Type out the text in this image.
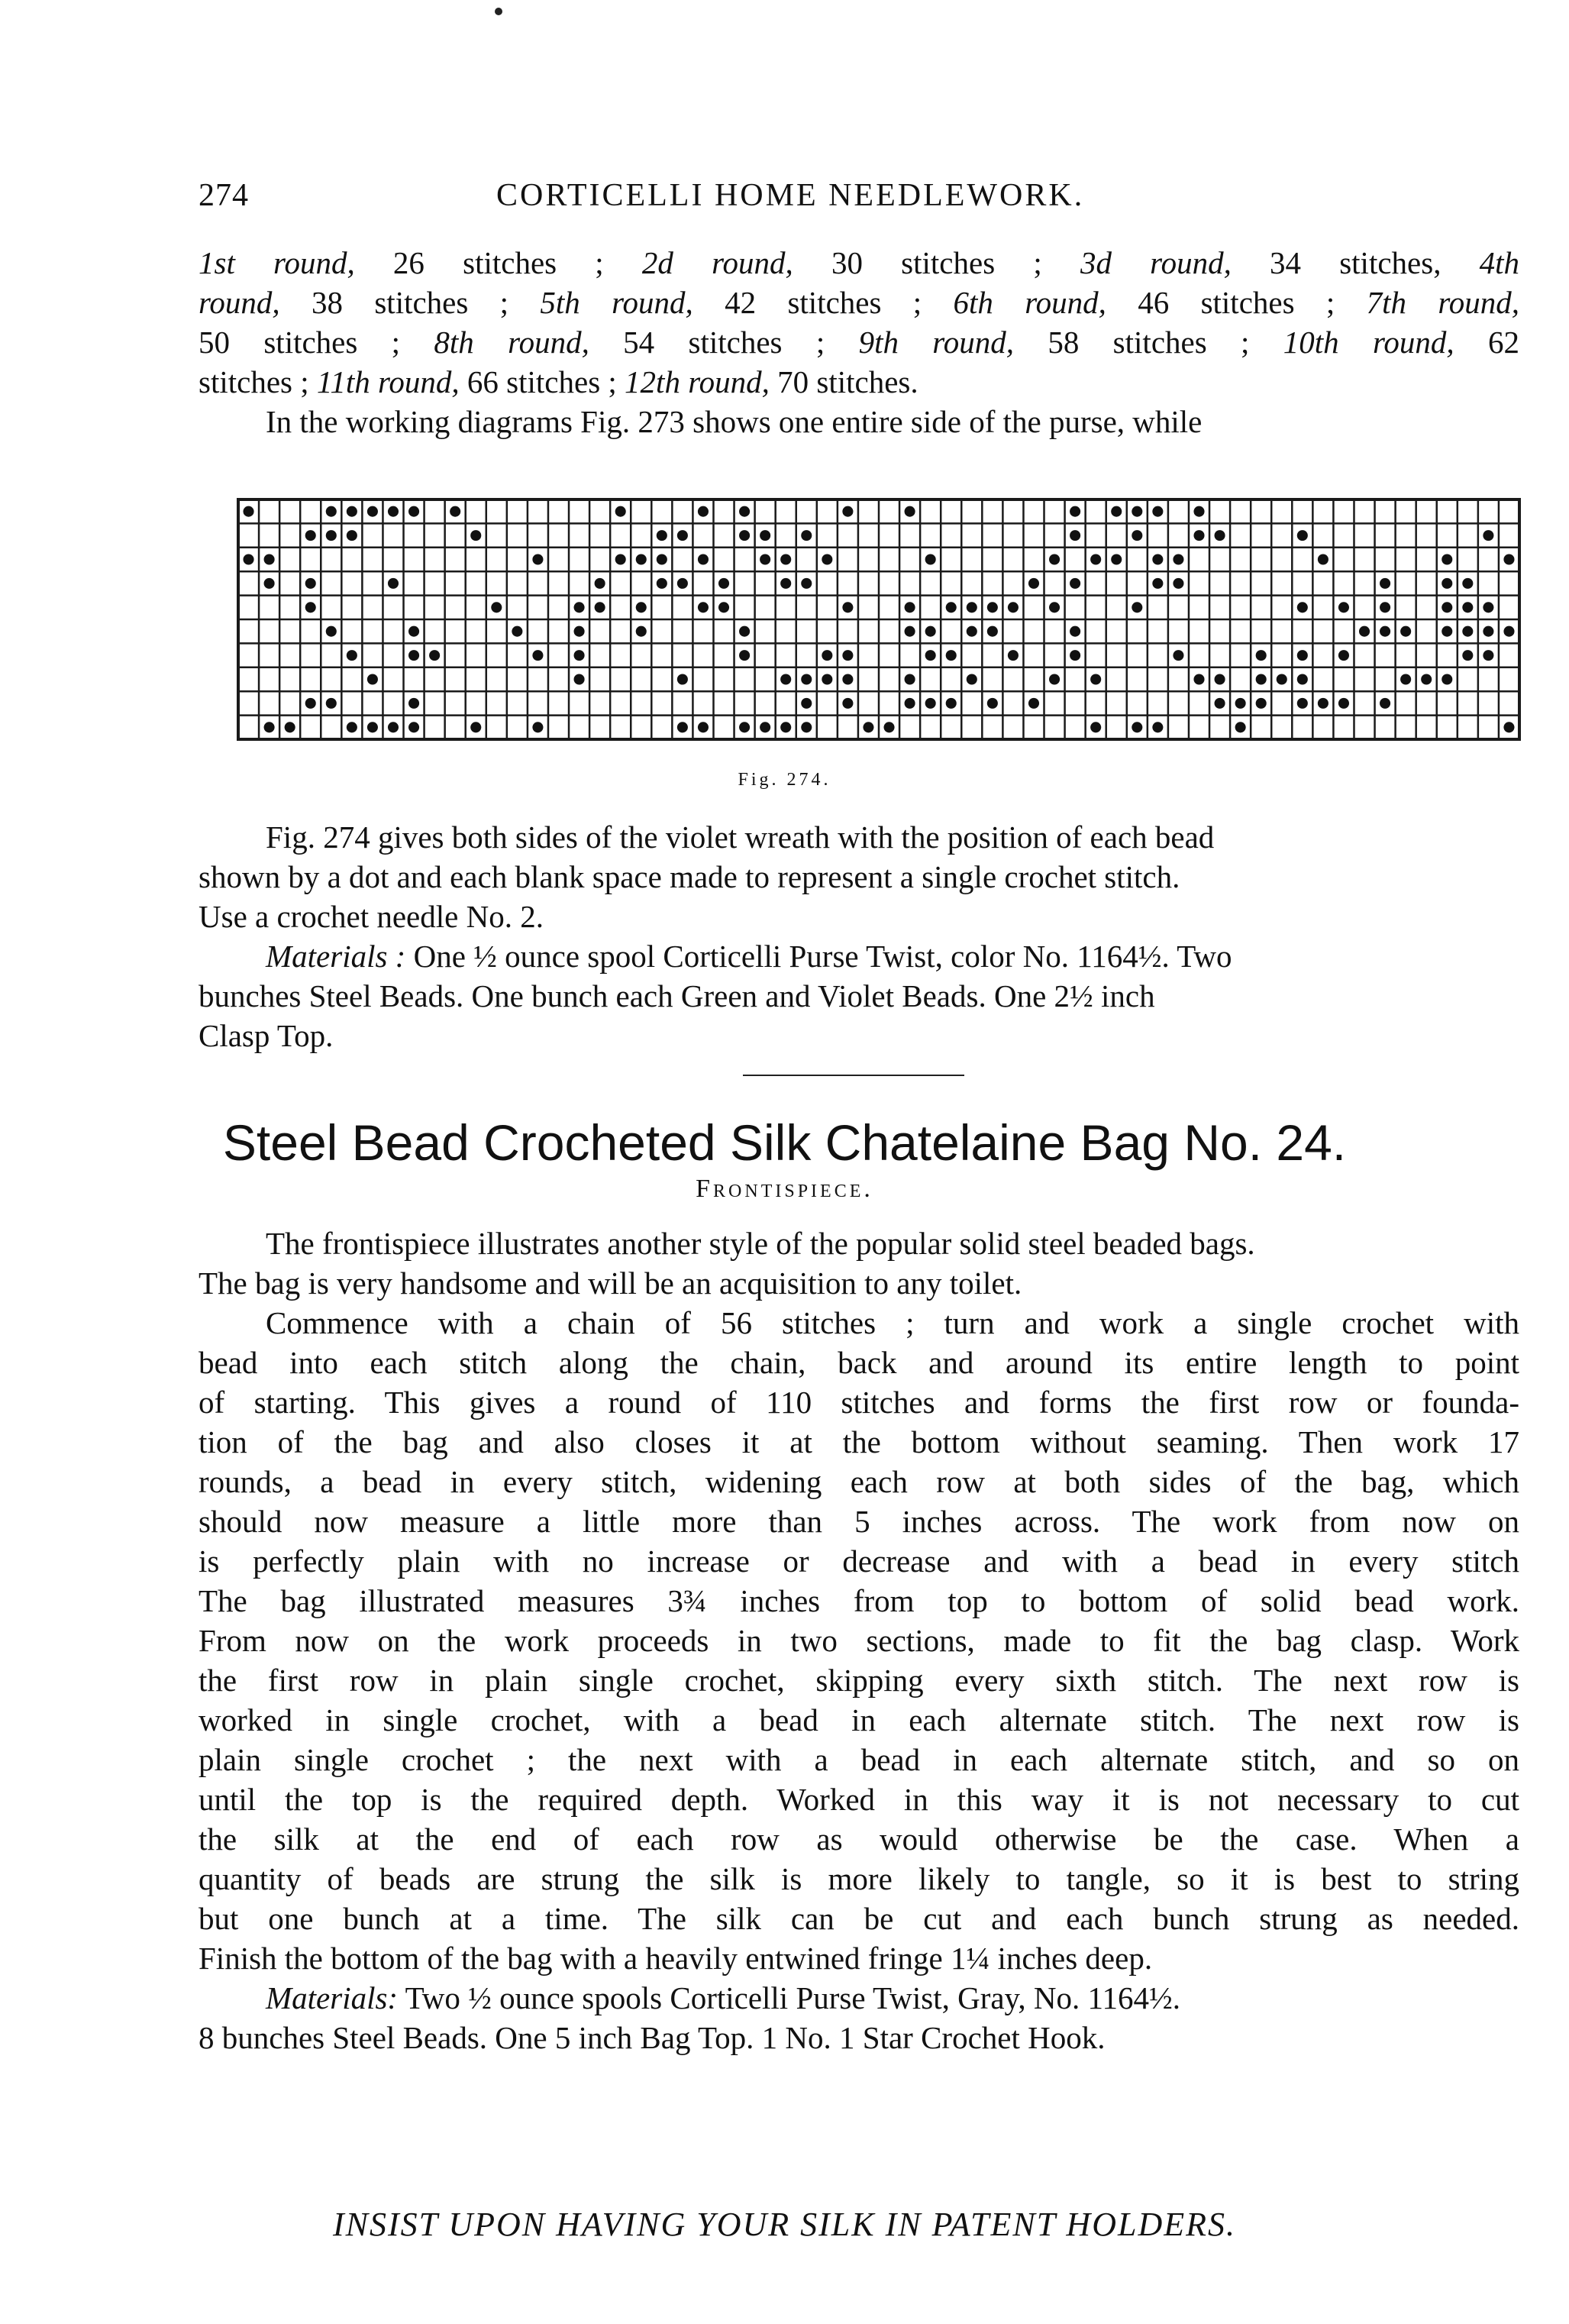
274	CORTICELLI HOME NEEDLEWORK.

1st round, 26 stitches ; 2d round, 30 stitches ; 3d round, 34 stitches, 4th
round, 38 stitches ; 5th round, 42 stitches ; 6th round, 46 stitches ; 7th round,
50 stitches ; 8th round, 54 stitches ; 9th round, 58 stitches ; 10th round, 62
stitches ; 11th round, 66 stitches ; 12th round, 70 stitches.

In the working diagrams Fig. 273 shows one entire side of the purse, while

Fig. 274.

Fig. 274 gives both sides of the violet wreath with the position of each bead

shown by a dot and each blank space made to represent a single crochet stitch.

Use a crochet needle No. 2.

Materials : One ½ ounce spool Corticelli Purse Twist, color No. 1164½. Two

bunches Steel Beads. One bunch each Green and Violet Beads. One 2½ inch

Clasp Top.

Steel Bead Crocheted Silk Chatelaine Bag No. 24.
Frontispiece.

The frontispiece illustrates another style of the popular solid steel beaded bags.

The bag is very handsome and will be an acquisition to any toilet.

Commence with a chain of 56 stitches ; turn and work a single crochet with

bead into each stitch along the chain, back and around its entire length to point

of starting. This gives a round of 110 stitches and forms the first row or founda-

tion of the bag and also closes it at the bottom without seaming. Then work 17

rounds, a bead in every stitch, widening each row at both sides of the bag, which

should now measure a little more than 5 inches across. The work from now on

is perfectly plain with no increase or decrease and with a bead in every stitch

The bag illustrated measures 3¾ inches from top to bottom of solid bead work.

From now on the work proceeds in two sections, made to fit the bag clasp. Work

the first row in plain single crochet, skipping every sixth stitch. The next row is

worked in single crochet, with a bead in each alternate stitch. The next row is

plain single crochet ; the next with a bead in each alternate stitch, and so on

until the top is the required depth. Worked in this way it is not necessary to cut

the silk at the end of each row as would otherwise be the case. When a

quantity of beads are strung the silk is more likely to tangle, so it is best to string

but one bunch at a time. The silk can be cut and each bunch strung as needed.

Finish the bottom of the bag with a heavily entwined fringe 1¼ inches deep.

Materials: Two ½ ounce spools Corticelli Purse Twist, Gray, No. 1164½.

8 bunches Steel Beads. One 5 inch Bag Top. 1 No. 1 Star Crochet Hook.

INSIST UPON HAVING YOUR SILK IN PATENT HOLDERS.
